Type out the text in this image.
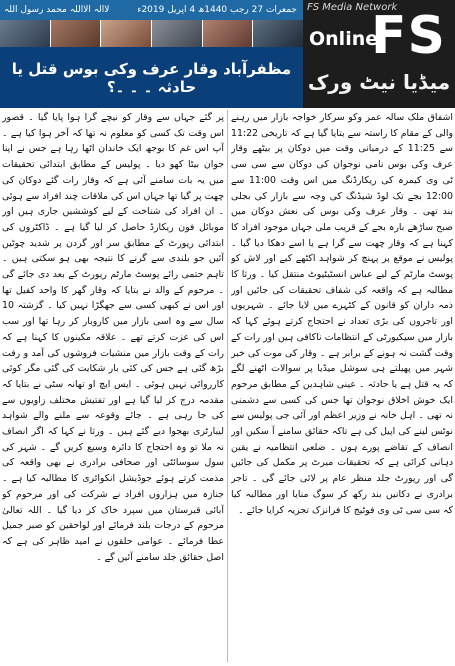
لاالہ الااللہ محمد رسول اللہ	جمعرات 27 رجب 1440ھ 4 اپریل 2019ء
مظفرآباد وقار عرف وکی بوس قتل یا حادثہ ۔ ۔ ۔؟
FS Media Network
Online
FS
میڈیا نیٹ ورک

اشفاق ملک سالہ عمر وکو سرکار خواجہ بازار میں رہنے والی کے مقام کا راستہ سے بتایا گیا ہے کہ تاریخی 11:22 سے 11:25 کے درمیانی وقت میں دوکان پر بیٹھے وقار عرف وکی بوس نامی نوجوان کی دوکان سے سی سی ٹی وی کیمرہ کی ریکارڈنگ میں اس وقت 11:00 سے 12:00 بجے تک لوڈ شیڈنگ کی وجہ سے بازار کی بجلی بند تھی ۔ وقار عرف وکی بوس کی نعش دوکان میں صبح ساڑھے بارہ بجے کے قریب ملی جہاں موجود افراد کا کہنا ہے کہ وقار چھت سے گرا ہے یا اسے دھکا دیا گیا ۔ پولیس نے موقع پر پہنچ کر شواہد اکٹھے کیے اور لاش کو پوسٹ مارٹم کے لیے عباس انسٹیٹیوٹ منتقل کیا ۔ ورثا کا مطالبہ ہے کہ واقعہ کی شفاف تحقیقات کی جائیں اور ذمہ داران کو قانون کے کٹہرے میں لایا جائے ۔ شہریوں اور تاجروں کی بڑی تعداد نے احتجاج کرتے ہوئے کہا کہ بازار میں سیکیورٹی کے انتظامات ناکافی ہیں اور رات کے وقت گشت نہ ہونے کے برابر ہے ۔ وقار کی موت کی خبر شہر میں پھیلتے ہی سوشل میڈیا پر سوالات اٹھنے لگے کہ یہ قتل ہے یا حادثہ ۔ عینی شاہدین کے مطابق مرحوم ایک خوش اخلاق نوجوان تھا جس کی کسی سے دشمنی نہ تھی ۔ اہل خانہ نے وزیر اعظم اور آئی جی پولیس سے نوٹس لینے کی اپیل کی ہے تاکہ حقائق سامنے آ سکیں اور انصاف کے تقاضے پورے ہوں ۔ ضلعی انتظامیہ نے یقین دہانی کرائی ہے کہ تحقیقات میرٹ پر مکمل کی جائیں گی اور رپورٹ جلد منظر عام پر لائی جائے گی ۔ تاجر برادری نے دکانیں بند رکھ کر سوگ منایا اور مطالبہ کیا کہ سی سی ٹی وی فوٹیج کا فرانزک تجزیہ کرایا جائے ۔

پر گئے جہاں سے وقار کو نیچے گرا ہوا پایا گیا ۔ قصور اس وقت تک کسی کو معلوم نہ تھا کہ آخر ہوا کیا ہے ۔ آپ اس غم کا بوجھ ایک خاندان اٹھا رہا ہے جس نے اپنا جوان بیٹا کھو دیا ۔ پولیس کے مطابق ابتدائی تحقیقات میں یہ بات سامنے آئی ہے کہ وقار رات گئے دوکان کی چھت پر گیا تھا جہاں اس کی ملاقات چند افراد سے ہوئی ۔ ان افراد کی شناخت کے لیے کوششیں جاری ہیں اور موبائل فون ریکارڈ حاصل کر لیا گیا ہے ۔ ڈاکٹروں کی ابتدائی رپورٹ کے مطابق سر اور گردن پر شدید چوٹیں آئیں جو بلندی سے گرنے کا نتیجہ بھی ہو سکتی ہیں ۔ تاہم حتمی رائے پوسٹ مارٹم رپورٹ کے بعد دی جائے گی ۔ مرحوم کے والد نے بتایا کہ وقار گھر کا واحد کفیل تھا اور اس نے کبھی کسی سے جھگڑا نہیں کیا ۔ گزشتہ 10 سال سے وہ اسی بازار میں کاروبار کر رہا تھا اور سب اس کی عزت کرتے تھے ۔ علاقہ مکینوں کا کہنا ہے کہ رات کے وقت بازار میں منشیات فروشوں کی آمد و رفت بڑھ گئی ہے جس کی کئی بار شکایت کی گئی مگر کوئی کارروائی نہیں ہوئی ۔ ایس ایچ او تھانہ سٹی نے بتایا کہ مقدمہ درج کر لیا گیا ہے اور تفتیش مختلف زاویوں سے کی جا رہی ہے ۔ جائے وقوعہ سے ملنے والے شواہد لیبارٹری بھجوا دیے گئے ہیں ۔ ورثا نے کہا کہ اگر انصاف نہ ملا تو وہ احتجاج کا دائرہ وسیع کریں گے ۔ شہر کی سول سوسائٹی اور صحافی برادری نے بھی واقعہ کی مذمت کرتے ہوئے جوڈیشل انکوائری کا مطالبہ کیا ہے ۔ جنازہ میں ہزاروں افراد نے شرکت کی اور مرحوم کو آبائی قبرستان میں سپرد خاک کر دیا گیا ۔ اللہ تعالیٰ مرحوم کے درجات بلند فرمائے اور لواحقین کو صبر جمیل عطا فرمائے ۔ عوامی حلقوں نے امید ظاہر کی ہے کہ اصل حقائق جلد سامنے آئیں گے ۔
